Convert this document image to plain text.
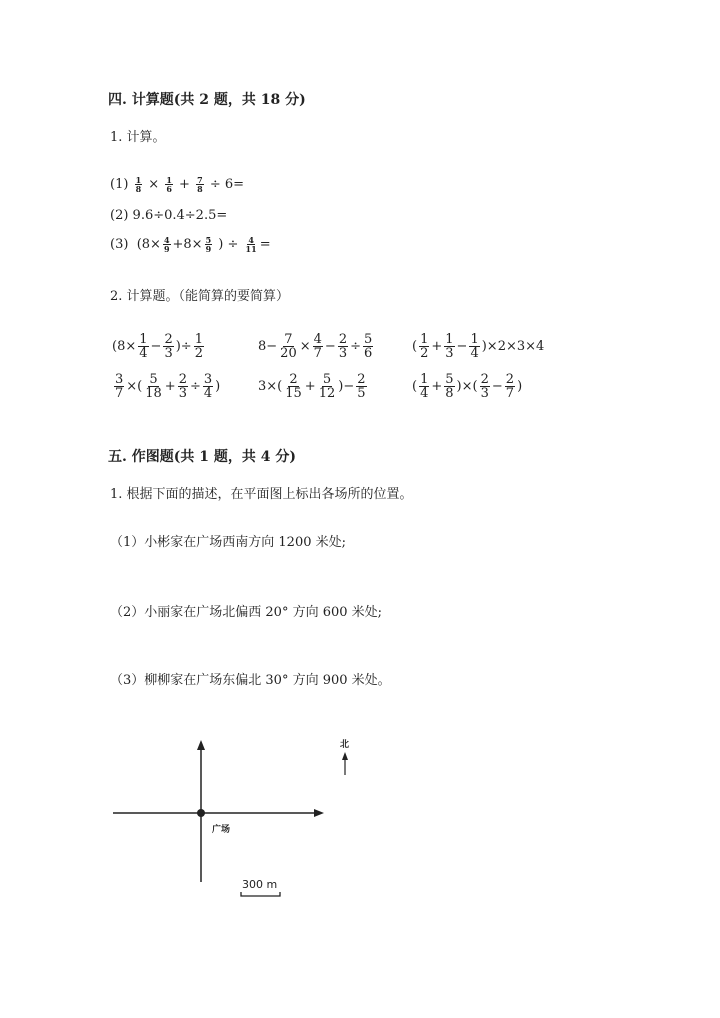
四. 计算题(共 2 题，共 18 分)
1. 计算。
(1)
$\frac{1}{8}$
×
$\frac{1}{6}$
+
$\frac{7}{8}$
÷ 6=
(2) 9.6÷0.4÷2.5=
(3)
($8\times \frac{4}{9} +8\times \frac{5}{9}$
) ÷
$\frac{4}{11}$ =
2. 计算题。（能简算的要简算）
($8\times \frac{1}{4} - \frac{2}{3}$ )÷ $\frac{1}{2}$	$8- \frac{7}{20} \times \frac{4}{7} - \frac{2}{3} \div \frac{5}{6}$	( $\frac{1}{2} + \frac{1}{3} - \frac{1}{4} )\times 2\times 3\times 4$
$\frac{3}{7}$ ×( $\frac{5}{18} + \frac{2}{3} \div \frac{3}{4}$ )	$3\times( \frac{2}{15} + \frac{5}{12}$ )− $\frac{2}{5}$	( $\frac{1}{4} + \frac{5}{8}$ )×( $\frac{2}{3} - \frac{2}{7}$ )
五. 作图题(共 1 题，共 4 分)
1. 根据下面的描述，在平面图上标出各场所的位置。
（1）小彬家在广场西南方向 1200 米处;
（2）小丽家在广场北偏西 20° 方向 600 米处;
（3）柳柳家在广场东偏北 30° 方向 900 米处。
广场
北
300 m
